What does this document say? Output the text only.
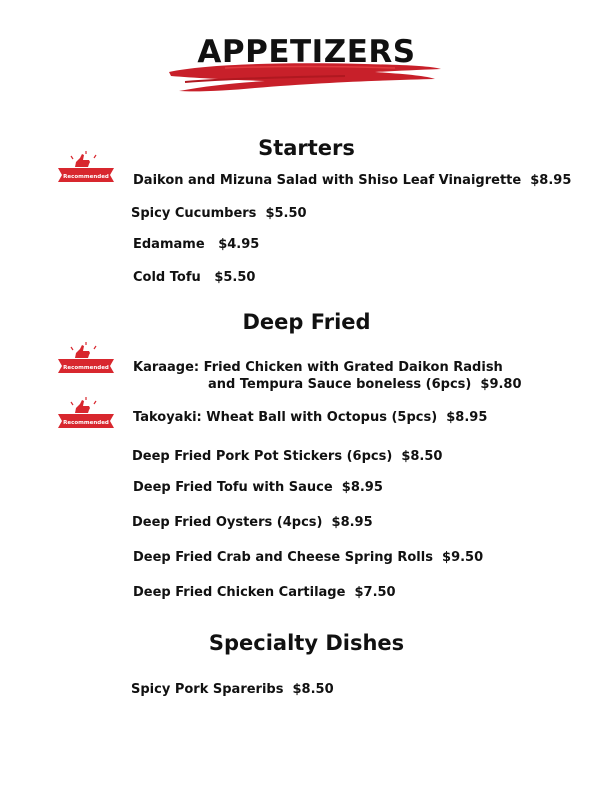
APPETIZERS
Starters
Recommended Daikon and Mizuna Salad with Shiso Leaf Vinaigrette $8.95
Spicy Cucumbers $5.50
Edamame $4.95
Cold Tofu $5.50
Deep Fried
Recommended Karaage: Fried Chicken with Grated Daikon Radish
and Tempura Sauce boneless (6pcs) $9.80
Recommended Takoyaki: Wheat Ball with Octopus (5pcs) $8.95
Deep Fried Pork Pot Stickers (6pcs) $8.50
Deep Fried Tofu with Sauce $8.95
Deep Fried Oysters (4pcs) $8.95
Deep Fried Crab and Cheese Spring Rolls $9.50
Deep Fried Chicken Cartilage $7.50
Specialty Dishes
Spicy Pork Spareribs $8.50
